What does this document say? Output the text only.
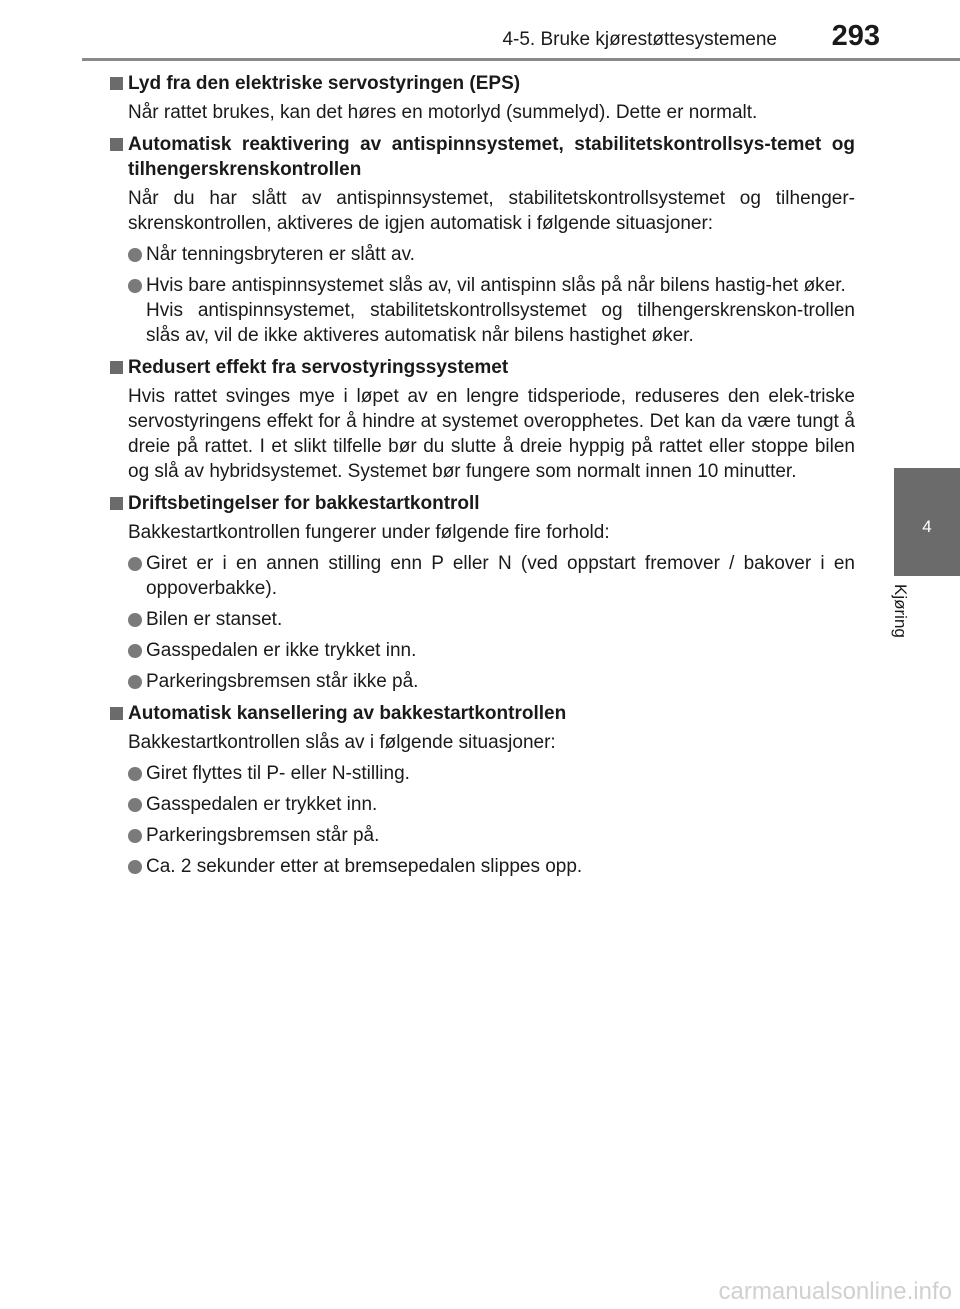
4-5. Bruke kjørestøttesystemene 293
4
Kjøring

Lyd fra den elektriske servostyringen (EPS)

Når rattet brukes, kan det høres en motorlyd (summelyd). Dette er normalt.

Automatisk reaktivering av antispinnsystemet, stabilitetskontrollsys-temet og tilhengerskrenskontrollen

Når du har slått av antispinnsystemet, stabilitetskontrollsystemet og tilhenger-skrenskontrollen, aktiveres de igjen automatisk i følgende situasjoner:

Når tenningsbryteren er slått av.

Hvis bare antispinnsystemet slås av, vil antispinn slås på når bilens hastig-het øker.

Hvis antispinnsystemet, stabilitetskontrollsystemet og tilhengerskrenskon-trollen slås av, vil de ikke aktiveres automatisk når bilens hastighet øker.

Redusert effekt fra servostyringssystemet

Hvis rattet svinges mye i løpet av en lengre tidsperiode, reduseres den elek-triske servostyringens effekt for å hindre at systemet overopphetes. Det kan da være tungt å dreie på rattet. I et slikt tilfelle bør du slutte å dreie hyppig på rattet eller stoppe bilen og slå av hybridsystemet. Systemet bør fungere som normalt innen 10 minutter.

Driftsbetingelser for bakkestartkontroll

Bakkestartkontrollen fungerer under følgende fire forhold:

Giret er i en annen stilling enn P eller N (ved oppstart fremover / bakover i en oppoverbakke).

Bilen er stanset.

Gasspedalen er ikke trykket inn.

Parkeringsbremsen står ikke på.

Automatisk kansellering av bakkestartkontrollen

Bakkestartkontrollen slås av i følgende situasjoner:

Giret flyttes til P- eller N-stilling.

Gasspedalen er trykket inn.

Parkeringsbremsen står på.

Ca. 2 sekunder etter at bremsepedalen slippes opp.

carmanualsonline.info
